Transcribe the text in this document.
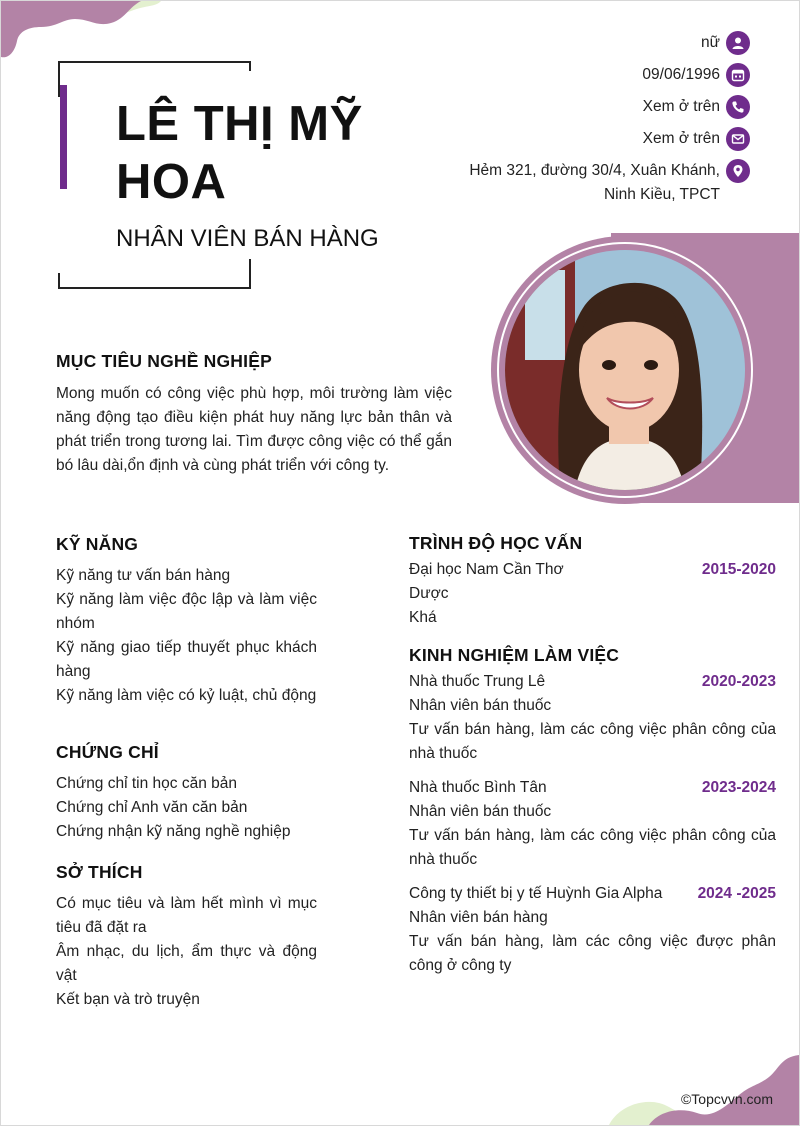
LÊ THỊ MỸ HOA
NHÂN VIÊN BÁN HÀNG
nữ
09/06/1996
Xem ở trên
Xem ở trên
Hẻm 321, đường 30/4, Xuân Khánh, Ninh Kiều, TPCT
MỤC TIÊU NGHỀ NGHIỆP
Mong muốn có công việc phù hợp, môi trường làm việc năng động tạo điều kiện phát huy năng lực bản thân và phát triển trong tương lai. Tìm được công việc có thể gắn bó lâu dài,ổn định và cùng phát triển với công ty.
KỸ NĂNG
Kỹ năng tư vấn bán hàng
Kỹ năng làm việc độc lập và làm việc nhóm
Kỹ năng giao tiếp thuyết phục khách hàng
Kỹ năng làm việc có kỷ luật, chủ động
CHỨNG CHỈ
Chứng chỉ tin học căn bản
Chứng chỉ Anh văn căn bản
Chứng nhận kỹ năng nghề nghiệp
SỞ THÍCH
Có mục tiêu và làm hết mình vì mục tiêu đã đặt ra
Âm nhạc, du lịch, ẩm thực và động vật
Kết bạn và trò truyện
TRÌNH ĐỘ HỌC VẤN
Đại học Nam Cần Thơ	2015-2020
Dược
Khá
KINH NGHIỆM LÀM VIỆC
Nhà thuốc Trung Lê	2020-2023
Nhân viên bán thuốc
Tư vấn bán hàng, làm các công việc phân công của nhà thuốc
Nhà thuốc Bình Tân	2023-2024
Nhân viên bán thuốc
Tư vấn bán hàng, làm các công việc phân công của nhà thuốc
Công ty thiết bị y tế Huỳnh Gia Alpha 2024 -2025
Nhân viên bán hàng
Tư vấn bán hàng, làm các công việc được phân công ở công ty
©Topcvvn.com
